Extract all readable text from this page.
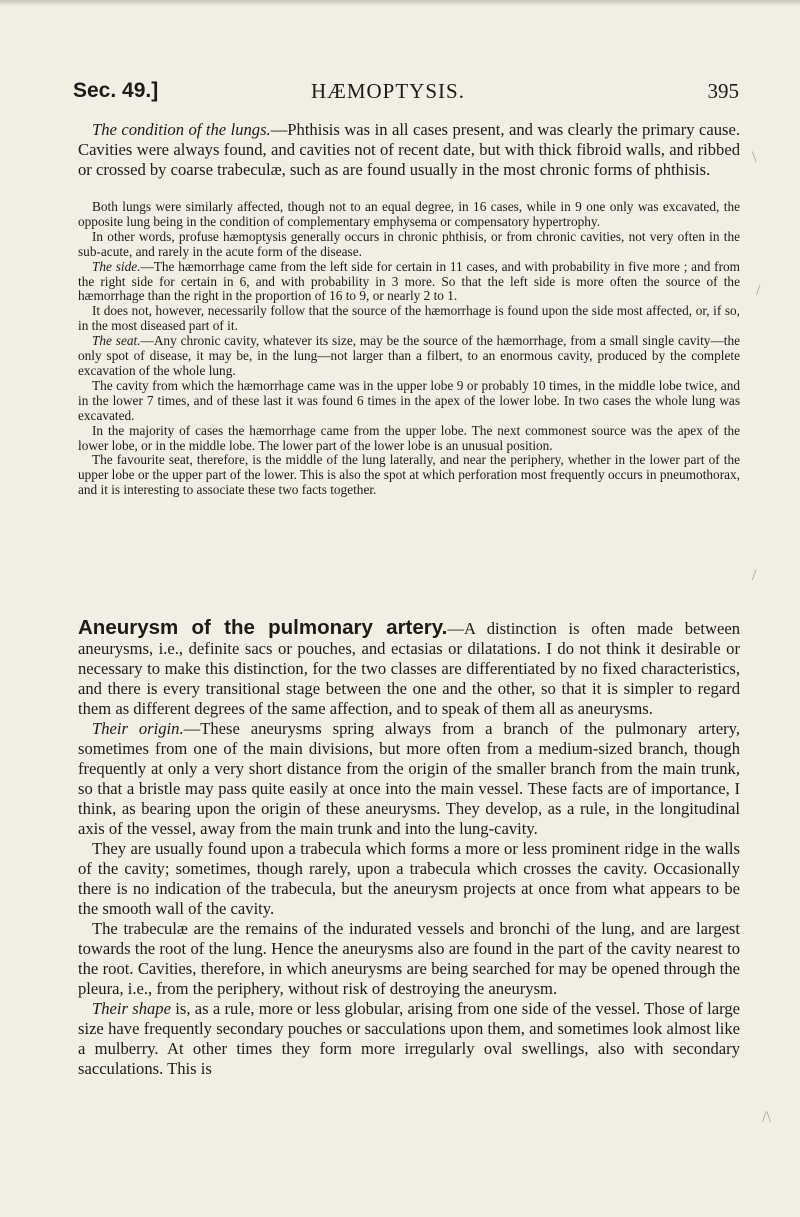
Sec. 49.]	HÆMOPTYSIS.	395

The condition of the lungs.—Phthisis was in all cases present, and was clearly the primary cause. Cavities were always found, and cavities not of recent date, but with thick fibroid walls, and ribbed or crossed by coarse trabeculæ, such as are found usually in the most chronic forms of phthisis.

Both lungs were similarly affected, though not to an equal degree, in 16 cases, while in 9 one only was excavated, the opposite lung being in the condition of complementary emphysema or compensatory hypertrophy.

In other words, profuse hæmoptysis generally occurs in chronic phthisis, or from chronic cavities, not very often in the sub-acute, and rarely in the acute form of the disease.

The side.—The hæmorrhage came from the left side for certain in 11 cases, and with probability in five more ; and from the right side for certain in 6, and with probability in 3 more. So that the left side is more often the source of the hæmorrhage than the right in the proportion of 16 to 9, or nearly 2 to 1.

It does not, however, necessarily follow that the source of the hæmorrhage is found upon the side most affected, or, if so, in the most diseased part of it.

The seat.—Any chronic cavity, whatever its size, may be the source of the hæmorrhage, from a small single cavity—the only spot of disease, it may be, in the lung—not larger than a filbert, to an enormous cavity, produced by the complete excavation of the whole lung.

The cavity from which the hæmorrhage came was in the upper lobe 9 or probably 10 times, in the middle lobe twice, and in the lower 7 times, and of these last it was found 6 times in the apex of the lower lobe. In two cases the whole lung was excavated.

In the majority of cases the hæmorrhage came from the upper lobe. The next commonest source was the apex of the lower lobe, or in the middle lobe. The lower part of the lower lobe is an unusual position.

The favourite seat, therefore, is the middle of the lung laterally, and near the periphery, whether in the lower part of the upper lobe or the upper part of the lower. This is also the spot at which perforation most frequently occurs in pneumothorax, and it is interesting to associate these two facts together.

Aneurysm of the pulmonary artery.—A distinction is often made between aneurysms, i.e., definite sacs or pouches, and ectasias or dilatations. I do not think it desirable or necessary to make this distinction, for the two classes are differentiated by no fixed characteristics, and there is every transitional stage between the one and the other, so that it is simpler to regard them as different degrees of the same affection, and to speak of them all as aneurysms.

Their origin.—These aneurysms spring always from a branch of the pulmonary artery, sometimes from one of the main divisions, but more often from a medium-sized branch, though frequently at only a very short distance from the origin of the smaller branch from the main trunk, so that a bristle may pass quite easily at once into the main vessel. These facts are of importance, I think, as bearing upon the origin of these aneurysms. They develop, as a rule, in the longitudinal axis of the vessel, away from the main trunk and into the lung-cavity.

They are usually found upon a trabecula which forms a more or less prominent ridge in the walls of the cavity; sometimes, though rarely, upon a trabecula which crosses the cavity. Occasionally there is no indication of the trabecula, but the aneurysm projects at once from what appears to be the smooth wall of the cavity.

The trabeculæ are the remains of the indurated vessels and bronchi of the lung, and are largest towards the root of the lung. Hence the aneurysms also are found in the part of the cavity nearest to the root. Cavities, therefore, in which aneurysms are being searched for may be opened through the pleura, i.e., from the periphery, without risk of destroying the aneurysm.

Their shape is, as a rule, more or less globular, arising from one side of the vessel. Those of large size have frequently secondary pouches or sacculations upon them, and sometimes look almost like a mulberry. At other times they form more irregularly oval swellings, also with secondary sacculations. This is

\
/
/
/\
